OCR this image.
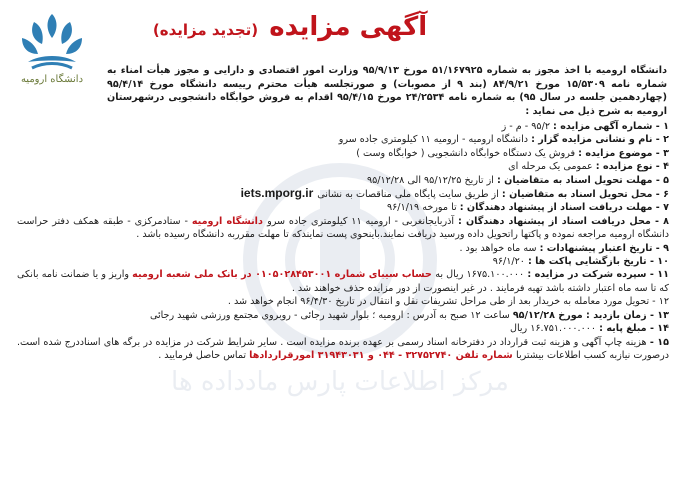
مرکز اطلاعات پارس مادداده ها
دانشگاه ارومیه
آگهی مزایده (تجدید مزایده)
دانشگاه ارومیه با اخذ مجوز به شماره ۵۱/۱۶۷۹۲۵ مورخ ۹۵/۹/۱۳ وزارت امور اقتصادی و دارایی و مجوز هیأت امناء به شماره نامه ۱۵/۵۳۰۹ مورخ ۸۴/۹/۲۱ (بند ۹ از مصوبات) و صورتجلسه هیأت محترم رییسه دانشگاه مورخ ۹۵/۴/۱۴ (چهاردهمین جلسه در سال ۹۵) به شماره نامه ۲۴/۲۵۳۴ مورخ ۹۵/۴/۱۵ اقدام به فروش خوابگاه دانشجویی درشهرستان ارومیه به شرح ذیل می نماید :

۱ - شماره آگهی مزایده : ۹۵/۲ - م - ز

۲ - نام و نشانی مزایده گزار : دانشگاه ارومیه - ارومیه ۱۱ کیلومتری جاده سرو

۳ - موضوع مزایده : فروش یک دستگاه خوابگاه دانشجویی ( خوابگاه وست )

۴ - نوع مزایده : عمومی یک مرحله ای

۵ - مهلت تحویل اسناد به متقاضیان : از تاریخ ۹۵/۱۲/۲۵ الی ۹۵/۱۲/۲۸

۶ - محل تحویل اسناد به متقاضیان : از طریق سایت پایگاه ملی مناقصات به نشانیiets.mporg.ir

۷ - مهلت دریافت اسناد از پیشنهاد دهندگان : تا مورخه ۹۶/۱/۱۹

۸ - محل دریافت اسناد از پیشنهاد دهندگان : آذربایجانغربی - ارومیه ۱۱ کیلومتری جاده سرو دانشگاه ارومیه - ستادمرکزی - طبقه همکف دفتر حراست دانشگاه ارومیه مراجعه نموده و پاکتها راتحویل داده ورسید دریافت نمایند.باینحوی پست نمایندکه تا مهلت مقرربه دانشگاه رسیده باشد .

۹ - تاریخ اعتبار پیشنهادات : سه ماه خواهد بود .

۱۰ - تاریخ بازگشایی پاکت ها : ۹۶/۱/۲۰

۱۱ - سپرده شرکت در مزایده : ۱۶۷۵.۱۰۰.۰۰۰ ریال به حساب سیبای شماره ۰۱۰۵۰۲۸۴۵۳۰۰۱ در بانک ملی شعبه ارومیه واریز و یا ضمانت نامه بانکی که تا سه ماه اعتبار داشته باشد تهیه فرمایند . در غیر اینصورت از دور مزایده حذف خواهند شد .

۱۲ - تحویل مورد معامله به خریدار بعد از طی مراحل تشریفات نقل و انتقال در تاریخ ۹۶/۴/۳۰ انجام خواهد شد .

۱۳ - زمان بازدید : مورخ ۹۵/۱۲/۲۸ ساعت ۱۲ صبح به آدرس : ارومیه ؛ بلوار شهید رجائی - روبروی مجتمع ورزشی شهید رجائی

۱۴ - مبلغ پایه : ۱۶.۷۵۱.۰۰۰.۰۰۰ ریال

۱۵ - هزینه چاپ آگهی و هزینه ثبت قرارداد در دفترخانه اسناد رسمی بر عهده برنده مزایده است . سایر شرایط شرکت در مزایده در برگه های اسناددرج شده است. درصورت نیازبه کسب اطلاعات بیشتربا شماره تلفن ۳۲۷۵۲۷۴۰ - ۰۴۴ و ۳۱۹۴۳۰۳۱ امورقراردادها تماس حاصل فرمایید .
